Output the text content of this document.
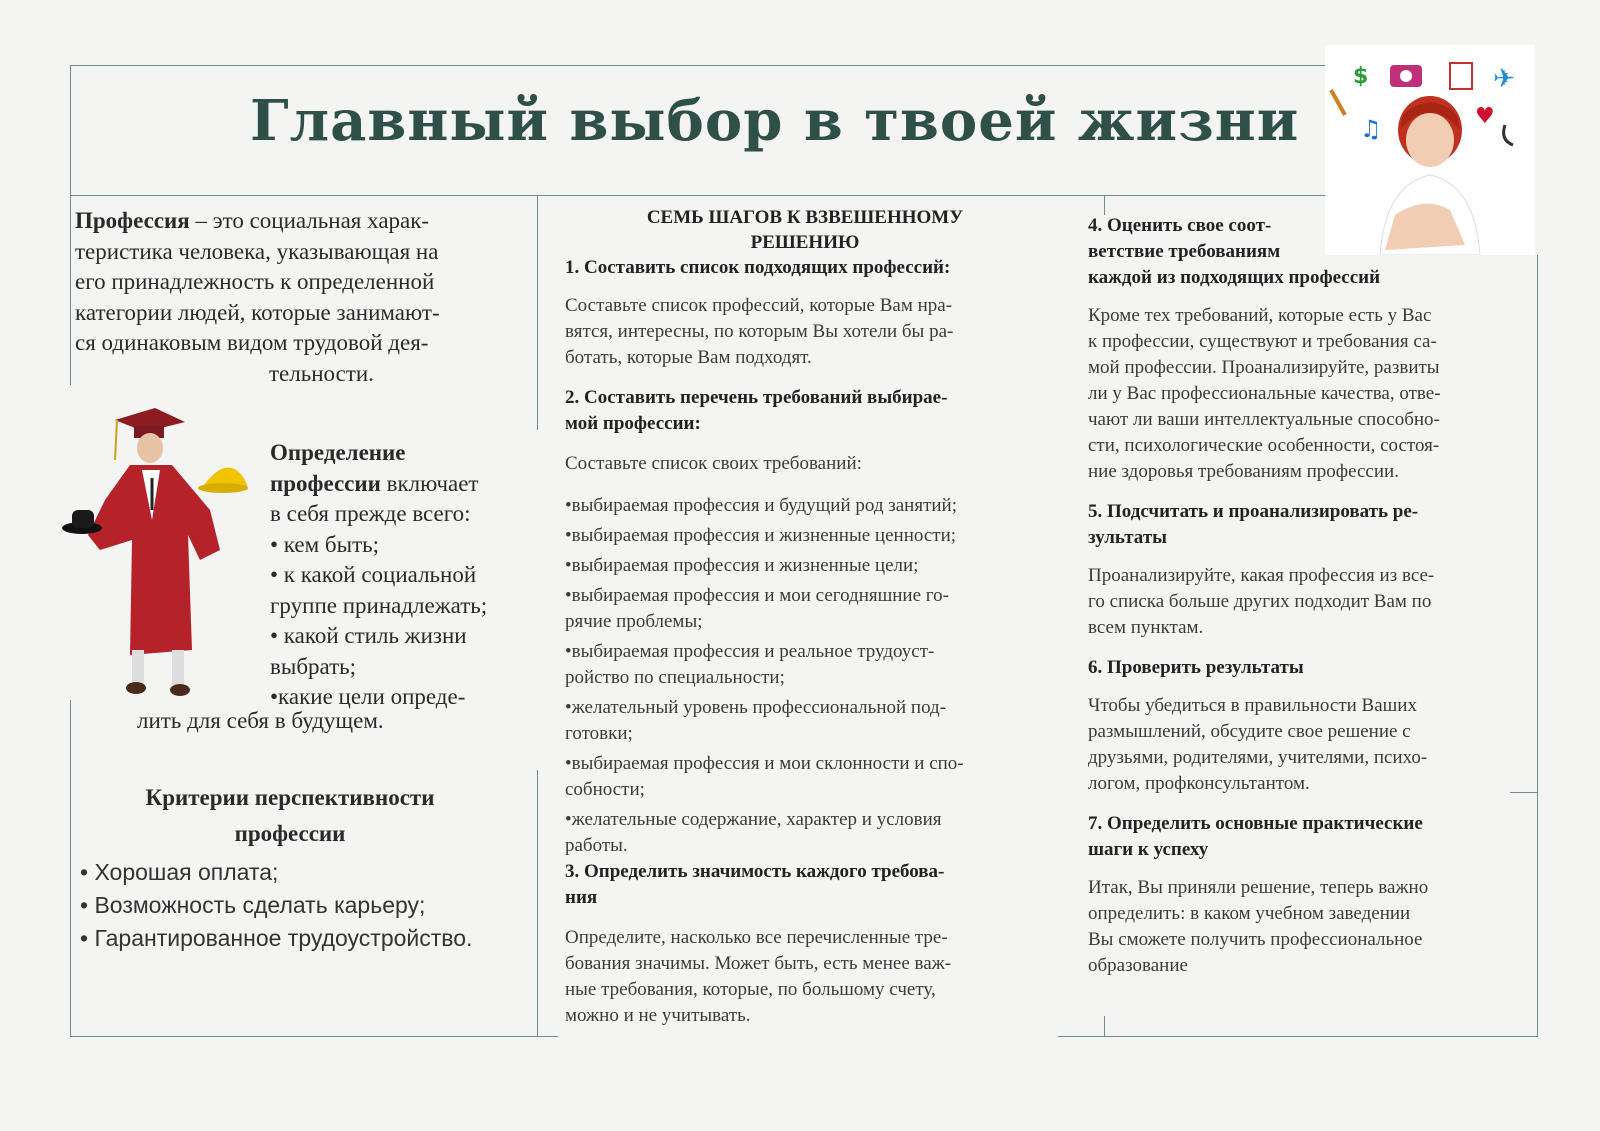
Главный выбор в твоей жизни
Профессия – это социальная харак-
теристика человека, указывающая на
его принадлежность к определенной
категории людей, которые занимают-
ся одинаковым видом трудовой дея-
тельности.
Определение
профессии включает
в себя прежде всего:
• кем быть;
• к какой социальной
группе принадлежать;
• какой стиль жизни
выбрать;
•какие цели опреде-
лить для себя в будущем.
Критерии перспективности
профессии
• Хорошая оплата;
• Возможность сделать карьеру;
• Гарантированное трудоустройство.
СЕМЬ ШАГОВ К ВЗВЕШЕННОМУ
РЕШЕНИЮ
1. Составить список подходящих профессий:

Составьте список профессий, которые Вам нра-

вятся, интересны, по которым Вы хотели бы ра-

ботать, которые Вам подходят.

2. Составить перечень требований выбирае-
мой профессии:

Составьте список своих требований:

• выбираемая профессия и будущий род занятий;

• выбираемая профессия и жизненные ценности;

• выбираемая профессия и жизненные цели;

• выбираемая профессия и мои сегодняшние го-

рячие проблемы;

• выбираемая профессия и реальное трудоуст-

ройство по специальности;

• желательный уровень профессиональной под-

готовки;

• выбираемая профессия и мои склонности и спо-

собности;

• желательные содержание, характер и условия

работы.

3. Определить значимость каждого требова-
ния

Определите, насколько все перечисленные тре-

бования значимы. Может быть, есть менее важ-

ные требования, которые, по большому счету,

можно и не учитывать.

$	✈
♫	♥
4. Оценить свое соот-
ветствие требованиям
каждой из подходящих профессий

Кроме тех требований, которые есть у Вас

к профессии, существуют и требования са-

мой профессии. Проанализируйте, развиты

ли у Вас профессиональные качества, отве-

чают ли ваши интеллектуальные способно-

сти, психологические особенности, состоя-

ние здоровья требованиям профессии.

5. Подсчитать и проанализировать ре-
зультаты

Проанализируйте, какая профессия из все-

го списка больше других подходит Вам по

всем пунктам.

6. Проверить результаты

Чтобы убедиться в правильности Ваших

размышлений, обсудите свое решение с

друзьями, родителями, учителями, психо-

логом, профконсультантом.

7. Определить основные практические
шаги к успеху

Итак, Вы приняли решение, теперь важно

определить: в каком учебном заведении

Вы сможете получить профессиональное

образование
